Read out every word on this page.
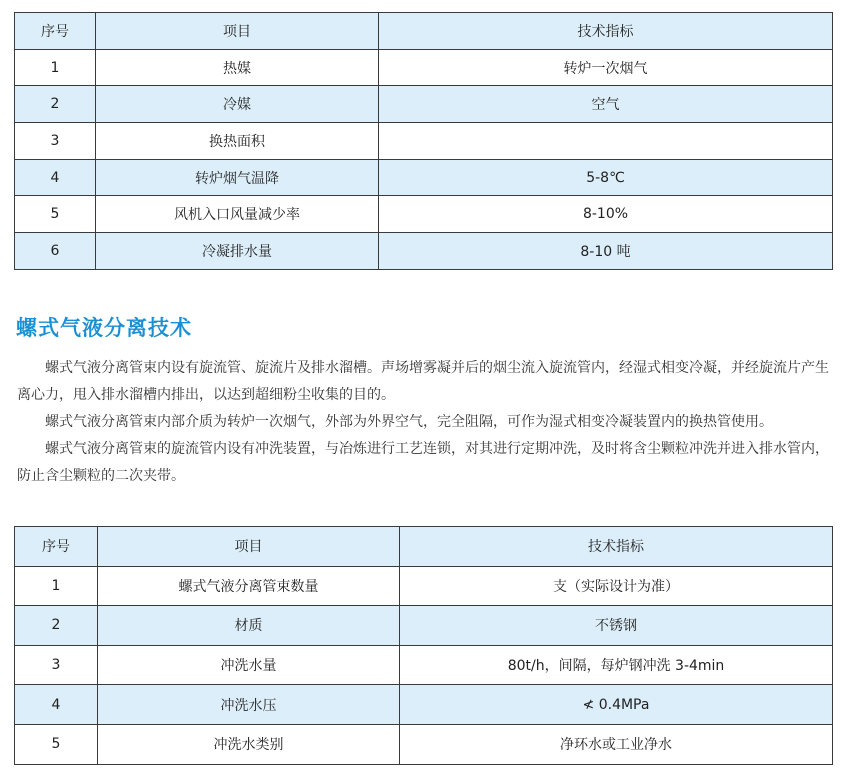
序号	项目	技术指标
1	热媒	转炉一次烟气
2	冷媒	空气
3	换热面积	
4	转炉烟气温降	5-8℃
5	风机入口风量减少率	8-10%
6	冷凝排水量	8-10 吨
螺式气液分离技术

螺式气液分离管束内设有旋流管、旋流片及排水溜槽。声场增雾凝并后的烟尘流入旋流管内，经湿式相变冷凝，并经旋流片产生离心力，甩入排水溜槽内排出，以达到超细粉尘收集的目的。

螺式气液分离管束内部介质为转炉一次烟气，外部为外界空气，完全阻隔，可作为湿式相变冷凝装置内的换热管使用。

螺式气液分离管束的旋流管内设有冲洗装置，与冶炼进行工艺连锁，对其进行定期冲洗，及时将含尘颗粒冲洗并进入排水管内，防止含尘颗粒的二次夹带。

序号	项目	技术指标
1	螺式气液分离管束数量	支（实际设计为准）
2	材质	不锈钢
3	冲洗水量	80t/h，间隔，每炉钢冲洗 3-4min
4	冲洗水压	≮ 0.4MPa
5	冲洗水类别	净环水或工业净水
